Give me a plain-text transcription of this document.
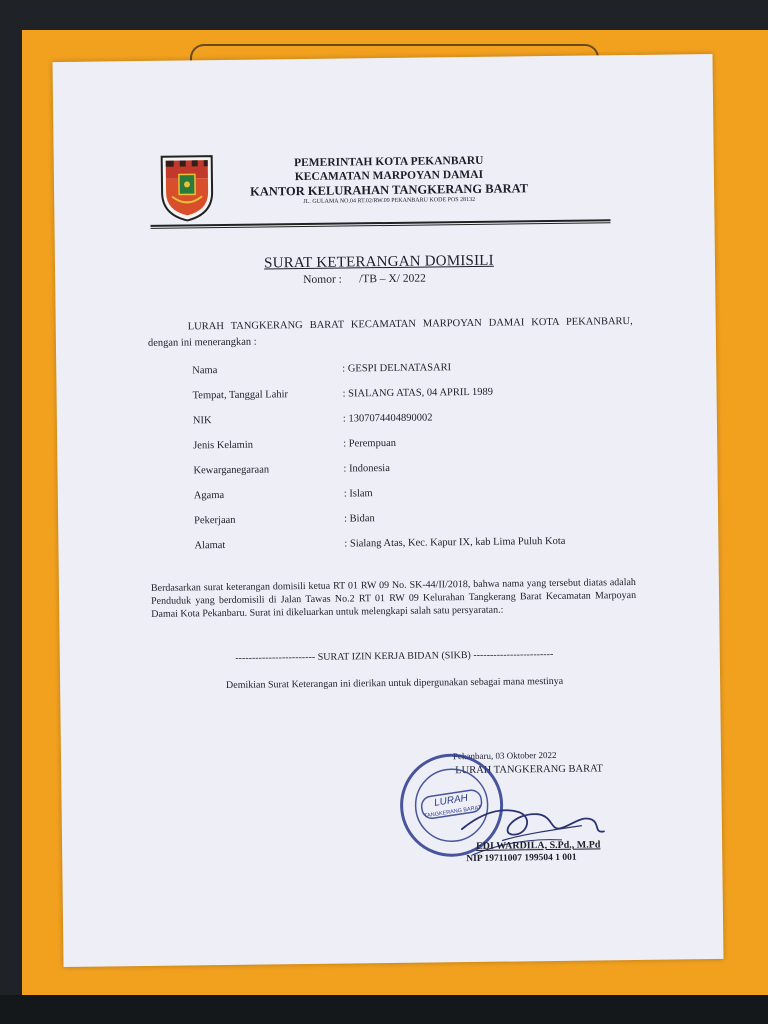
PEMERINTAH KOTA PEKANBARU
KECAMATAN MARPOYAN DAMAI
KANTOR KELURAHAN TANGKERANG BARAT
JL. GULAMA NO.04 RT.02/RW.09 PEKANBARU KODE POS 28132
SURAT KETERANGAN DOMISILI
Nomor :      /TB – X/ 2022
LURAH TANGKERANG BARAT KECAMATAN MARPOYAN DAMAI KOTA PEKANBARU, dengan ini menerangkan :
Nama	: GESPI DELNATASARI
Tempat, Tanggal Lahir	: SIALANG ATAS, 04 APRIL 1989
NIK	: 1307074404890002
Jenis Kelamin	: Perempuan
Kewarganegaraan	: Indonesia
Agama	: Islam
Pekerjaan	: Bidan
Alamat	: Sialang Atas, Kec. Kapur IX, kab Lima Puluh Kota
Berdasarkan surat keterangan domisili ketua RT 01 RW 09 No. SK-44/II/2018, bahwa nama yang tersebut diatas adalah Penduduk yang berdomisili di Jalan Tawas No.2 RT 01 RW 09 Kelurahan Tangkerang Barat Kecamatan Marpoyan Damai Kota Pekanbaru. Surat ini dikeluarkan untuk melengkapi salah satu persyaratan.:
------------------------ SURAT IZIN KERJA BIDAN (SIKB) ------------------------
Demikian Surat Keterangan ini dierikan untuk dipergunakan sebagai mana mestinya
Pekanbaru, 03 Oktober 2022
LURAH TANGKERANG BARAT
LURAH
TANGKERANG BARAT
EDI WARDILA, S.Pd., M.Pd
NIP 19711007 199504 1 001
